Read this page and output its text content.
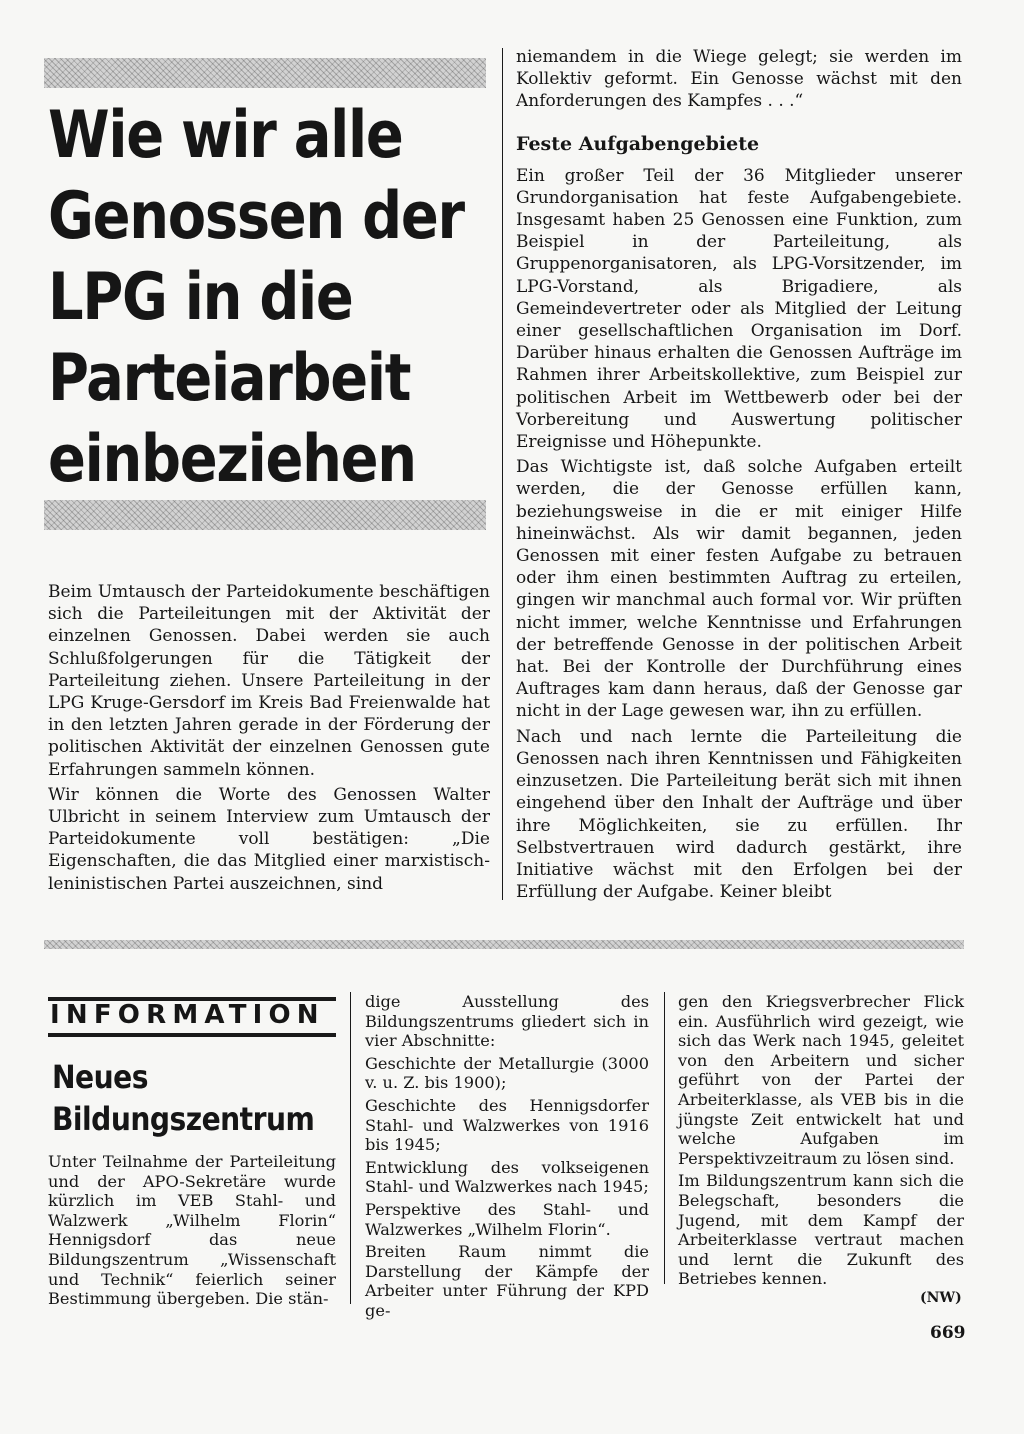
Wie wir alle
Genossen der
LPG in die
Parteiarbeit
einbeziehen

Beim Umtausch der Parteidokumente beschäftigen sich die Parteileitungen mit der Aktivität der einzelnen Genossen. Dabei werden sie auch Schlußfolgerungen für die Tätigkeit der Parteileitung ziehen. Unsere Parteileitung in der LPG Kruge-Gersdorf im Kreis Bad Freienwalde hat in den letzten Jahren gerade in der Förderung der politischen Aktivität der einzelnen Genossen gute Erfahrungen sammeln können.

Wir können die Worte des Genossen Walter Ulbricht in seinem Interview zum Umtausch der Parteidokumente voll bestätigen: „Die Eigenschaften, die das Mitglied einer marxistisch-leninistischen Partei auszeichnen, sind

niemandem in die Wiege gelegt; sie werden im Kollektiv geformt. Ein Genosse wächst mit den Anforderungen des Kampfes . . .“

Feste Aufgabengebiete

Ein großer Teil der 36 Mitglieder unserer Grundorganisation hat feste Aufgabengebiete. Insgesamt haben 25 Genossen eine Funktion, zum Beispiel in der Parteileitung, als Gruppenorganisatoren, als LPG-Vorsitzender, im LPG-Vorstand, als Brigadiere, als Gemeindevertreter oder als Mitglied der Leitung einer gesellschaftlichen Organisation im Dorf. Darüber hinaus erhalten die Genossen Aufträge im Rahmen ihrer Arbeitskollektive, zum Beispiel zur politischen Arbeit im Wettbewerb oder bei der Vorbereitung und Auswertung politischer Ereignisse und Höhepunkte.

Das Wichtigste ist, daß solche Aufgaben erteilt werden, die der Genosse erfüllen kann, beziehungsweise in die er mit einiger Hilfe hineinwächst. Als wir damit begannen, jeden Genossen mit einer festen Aufgabe zu betrauen oder ihm einen bestimmten Auftrag zu erteilen, gingen wir manchmal auch formal vor. Wir prüften nicht immer, welche Kenntnisse und Erfahrungen der betreffende Genosse in der politischen Arbeit hat. Bei der Kontrolle der Durchführung eines Auftrages kam dann heraus, daß der Genosse gar nicht in der Lage gewesen war, ihn zu erfüllen.

Nach und nach lernte die Parteileitung die Genossen nach ihren Kenntnissen und Fähigkeiten einzusetzen. Die Parteileitung berät sich mit ihnen eingehend über den Inhalt der Aufträge und über ihre Möglichkeiten, sie zu erfüllen. Ihr Selbstvertrauen wird dadurch gestärkt, ihre Initiative wächst mit den Erfolgen bei der Erfüllung der Aufgabe. Keiner bleibt

INFORMATION
Neues
Bildungszentrum

Unter Teilnahme der Parteileitung und der APO-Sekretäre wurde kürzlich im VEB Stahl- und Walzwerk „Wilhelm Florin“ Hennigsdorf das neue Bildungszentrum „Wissenschaft und Technik“ feierlich seiner Bestimmung übergeben. Die stän-

dige Ausstellung des Bildungszentrums gliedert sich in vier Abschnitte:

Geschichte der Metallurgie (3000 v. u. Z. bis 1900);

Geschichte des Hennigsdorfer Stahl- und Walzwerkes von 1916 bis 1945;

Entwicklung des volkseigenen Stahl- und Walzwerkes nach 1945;

Perspektive des Stahl- und Walzwerkes „Wilhelm Florin“.

Breiten Raum nimmt die Darstellung der Kämpfe der Arbeiter unter Führung der KPD ge-

gen den Kriegsverbrecher Flick ein. Ausführlich wird gezeigt, wie sich das Werk nach 1945, geleitet von den Arbeitern und sicher geführt von der Partei der Arbeiterklasse, als VEB bis in die jüngste Zeit entwickelt hat und welche Aufgaben im Perspektivzeitraum zu lösen sind.

Im Bildungszentrum kann sich die Belegschaft, besonders die Jugend, mit dem Kampf der Arbeiterklasse vertraut machen und lernt die Zukunft des Betriebes kennen.

(NW)
669
